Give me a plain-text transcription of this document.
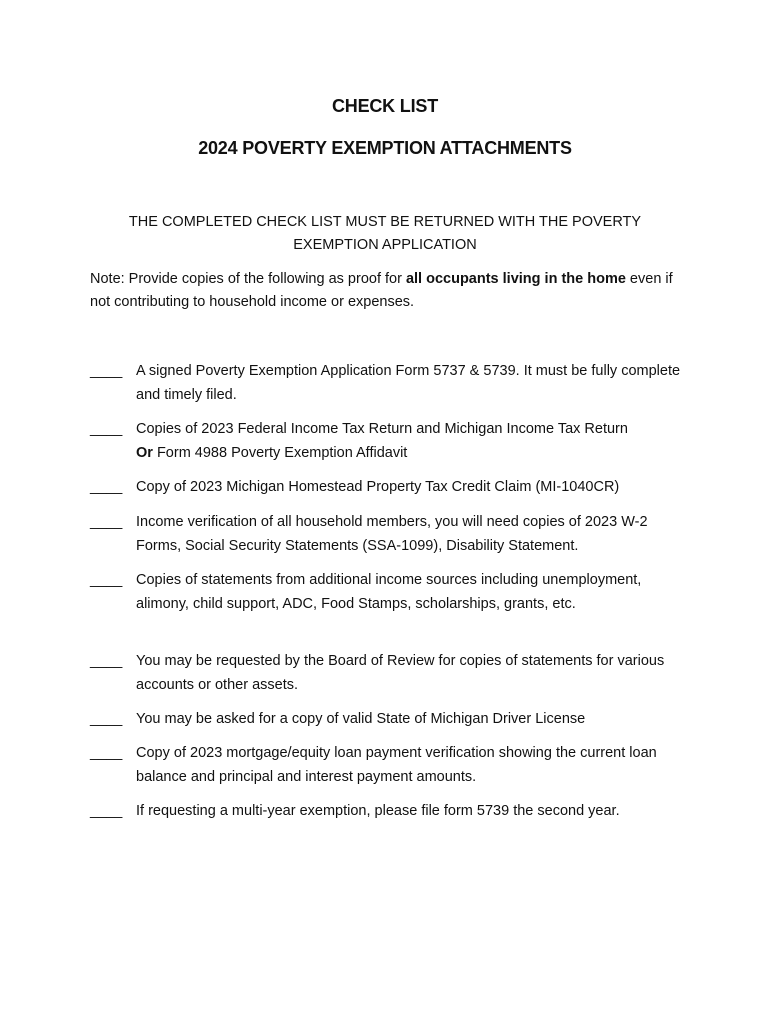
CHECK LIST
2024 POVERTY EXEMPTION ATTACHMENTS
THE COMPLETED CHECK LIST MUST BE RETURNED WITH THE POVERTY EXEMPTION APPLICATION
Note: Provide copies of the following as proof for all occupants living in the home even if not contributing to household income or expenses.
____ A signed Poverty Exemption Application Form 5737 & 5739. It must be fully complete and timely filed.
____ Copies of 2023 Federal Income Tax Return and Michigan Income Tax Return
Or Form 4988 Poverty Exemption Affidavit
____ Copy of 2023 Michigan Homestead Property Tax Credit Claim (MI-1040CR)
____ Income verification of all household members, you will need copies of 2023 W-2 Forms, Social Security Statements (SSA-1099), Disability Statement.
____ Copies of statements from additional income sources including unemployment, alimony, child support, ADC, Food Stamps, scholarships, grants, etc.
____ You may be requested by the Board of Review for copies of statements for various accounts or other assets.
____ You may be asked for a copy of valid State of Michigan Driver License
____ Copy of 2023 mortgage/equity loan payment verification showing the current loan balance and principal and interest payment amounts.
____ If requesting a multi-year exemption, please file form 5739 the second year.
